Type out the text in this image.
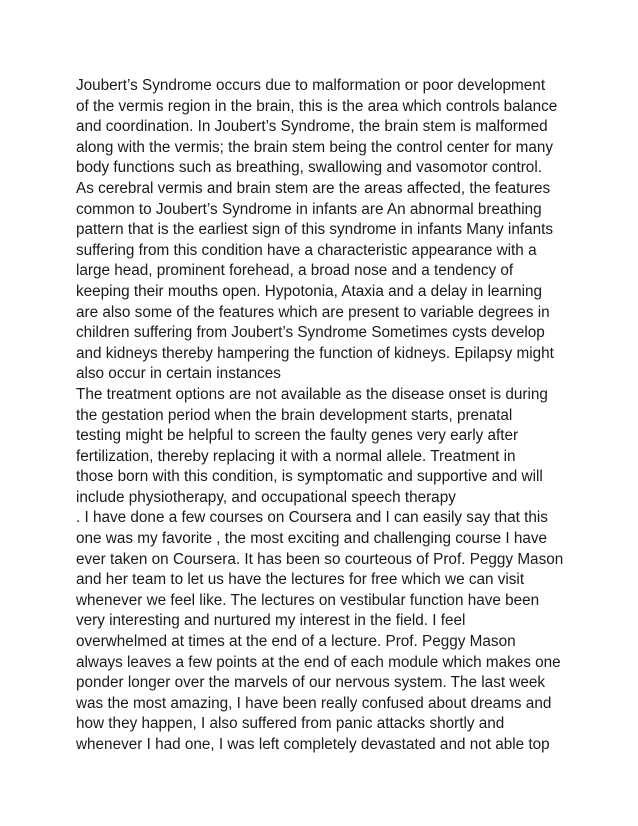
Joubert’s Syndrome occurs due to malformation or poor development
of the vermis region in the brain, this is the area which controls balance
and coordination. In Joubert’s Syndrome, the brain stem is malformed
along with the vermis; the brain stem being the control center for many
body functions such as breathing, swallowing and vasomotor control.
As cerebral vermis and brain stem are the areas affected, the features
common to Joubert’s Syndrome in infants are An abnormal breathing
pattern that is the earliest sign of this syndrome in infants Many infants
suffering from this condition have a characteristic appearance with a
large head, prominent forehead, a broad nose and a tendency of
keeping their mouths open. Hypotonia, Ataxia and a delay in learning
are also some of the features which are present to variable degrees in
children suffering from Joubert’s Syndrome Sometimes cysts develop
and kidneys thereby hampering the function of kidneys. Epilapsy might
also occur in certain instances
The treatment options are not available as the disease onset is during
the gestation period when the brain development starts, prenatal
testing might be helpful to screen the faulty genes very early after
fertilization, thereby replacing it with a normal allele. Treatment in
those born with this condition, is symptomatic and supportive and will
include physiotherapy, and occupational speech therapy
. I have done a few courses on Coursera and I can easily say that this
one was my favorite , the most exciting and challenging course I have
ever taken on Coursera. It has been so courteous of Prof. Peggy Mason
and her team to let us have the lectures for free which we can visit
whenever we feel like. The lectures on vestibular function have been
very interesting and nurtured my interest in the field. I feel
overwhelmed at times at the end of a lecture. Prof. Peggy Mason
always leaves a few points at the end of each module which makes one
ponder longer over the marvels of our nervous system. The last week
was the most amazing, I have been really confused about dreams and
how they happen, I also suffered from panic attacks shortly and
whenever I had one, I was left completely devastated and not able top
